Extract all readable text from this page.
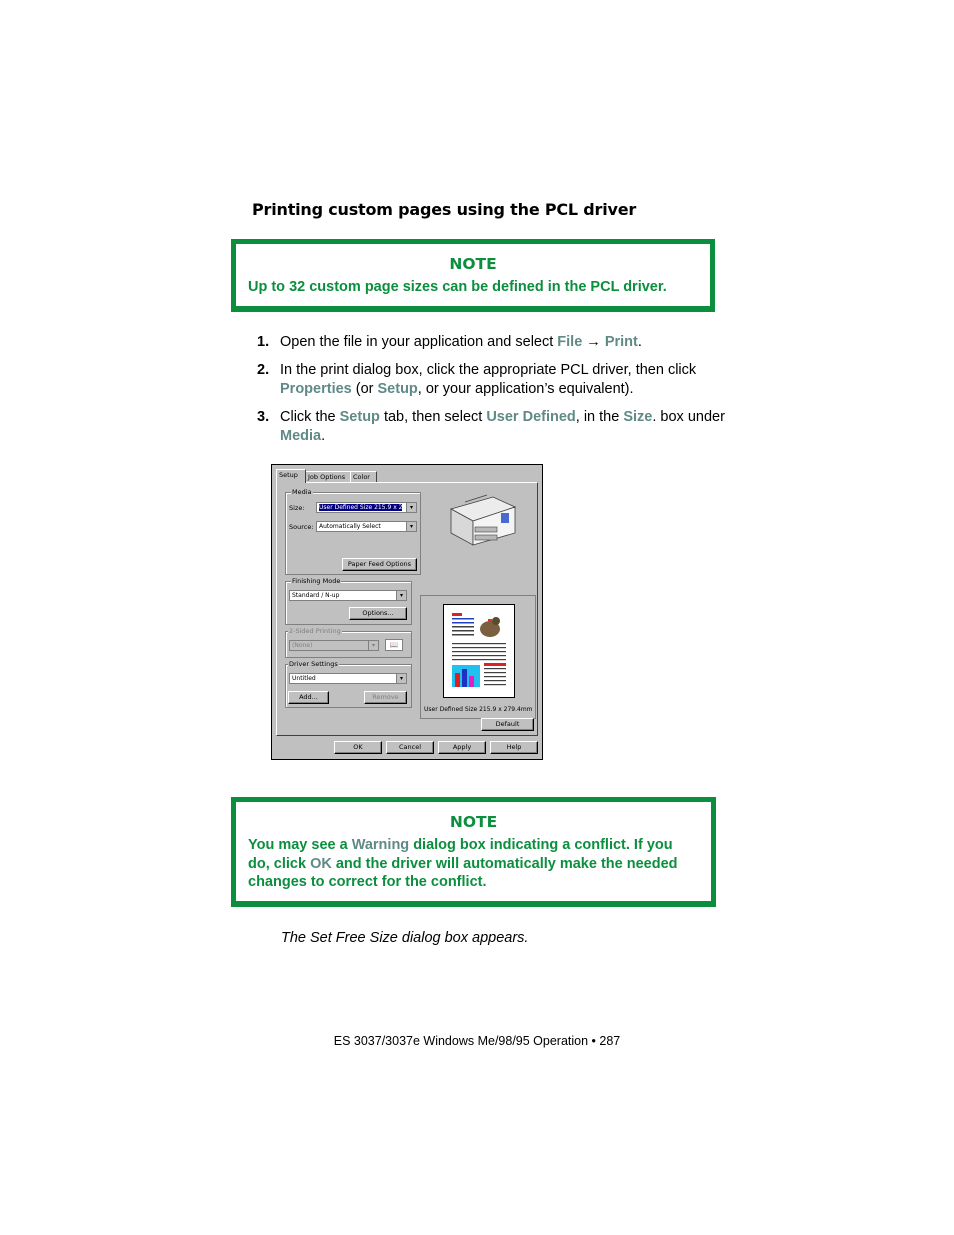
Printing custom pages using the PCL driver
NOTE
Up to 32 custom page sizes can be defined in the PCL driver.
1. Open the file in your application and select File → Print.
2. In the print dialog box, click the appropriate PCL driver, then click Properties (or Setup, or your application’s equivalent).
3. Click the Setup tab, then select User Defined, in the Size. box under Media.
Setup	Job Options	Color
Media
Size:	User Defined Size 215.9 x 2	▾
Source: Automatically Select	▾
Paper Feed Options
Finishing Mode
Standard / N-up	▾
Options...
2-Sided Printing
(None)	▾	📖
Driver Settings
Untitled	▾
Add...	Remove
User Defined Size 215.9 x 279.4mm
Default
OK	Cancel	Apply	Help
NOTE
You may see a Warning dialog box indicating a conflict. If you do, click OK and the driver will automatically make the needed changes to correct for the conflict.
The Set Free Size dialog box appears.
ES 3037/3037e Windows Me/98/95 Operation • 287
